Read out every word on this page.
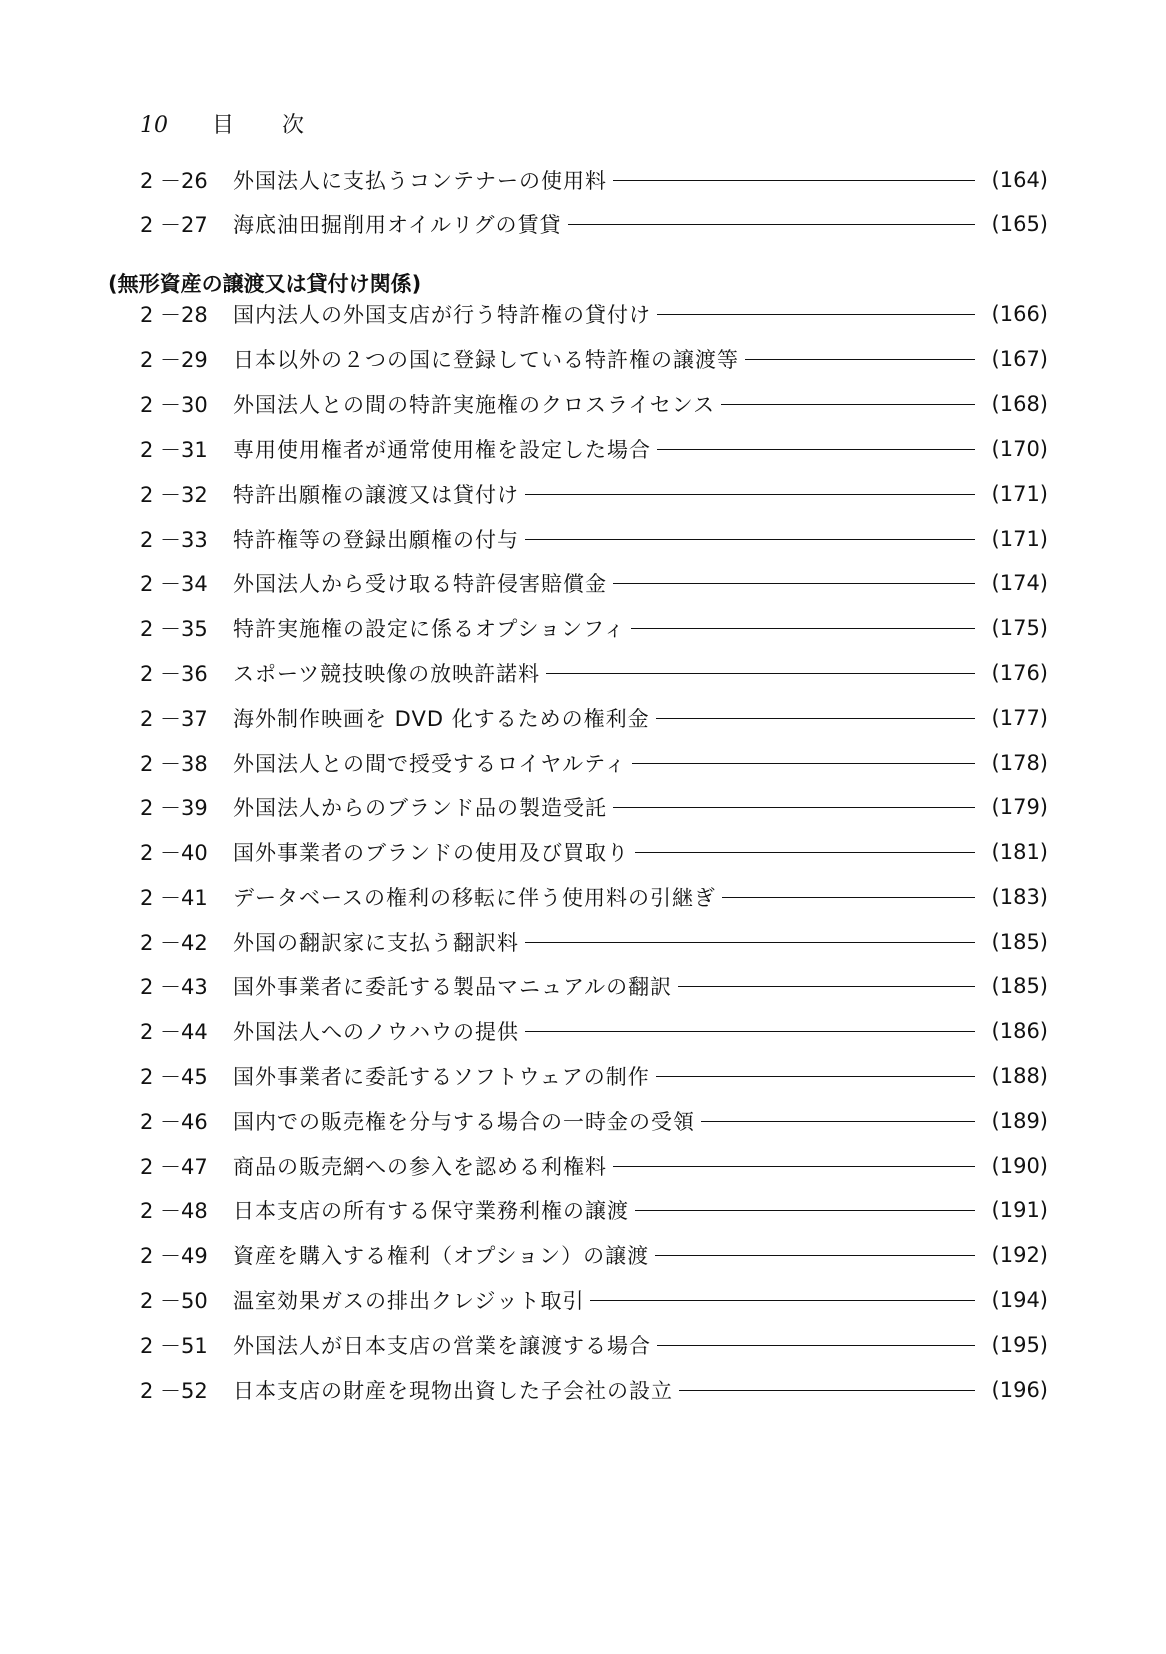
10	目 次
2 －26	外国法人に支払うコンテナーの使用料	(164)
2 －27	海底油田掘削用オイルリグの賃貸	(165)
(無形資産の譲渡又は貸付け関係)
2 －28	国内法人の外国支店が行う特許権の貸付け	(166)
2 －29	日本以外の２つの国に登録している特許権の譲渡等	(167)
2 －30	外国法人との間の特許実施権のクロスライセンス	(168)
2 －31	専用使用権者が通常使用権を設定した場合	(170)
2 －32	特許出願権の譲渡又は貸付け	(171)
2 －33	特許権等の登録出願権の付与	(171)
2 －34	外国法人から受け取る特許侵害賠償金	(174)
2 －35	特許実施権の設定に係るオプションフィ	(175)
2 －36	スポーツ競技映像の放映許諾料	(176)
2 －37	海外制作映画を DVD 化するための権利金	(177)
2 －38	外国法人との間で授受するロイヤルティ	(178)
2 －39	外国法人からのブランド品の製造受託	(179)
2 －40	国外事業者のブランドの使用及び買取り	(181)
2 －41	データベースの権利の移転に伴う使用料の引継ぎ	(183)
2 －42	外国の翻訳家に支払う翻訳料	(185)
2 －43	国外事業者に委託する製品マニュアルの翻訳	(185)
2 －44	外国法人へのノウハウの提供	(186)
2 －45	国外事業者に委託するソフトウェアの制作	(188)
2 －46	国内での販売権を分与する場合の一時金の受領	(189)
2 －47	商品の販売網への参入を認める利権料	(190)
2 －48	日本支店の所有する保守業務利権の譲渡	(191)
2 －49	資産を購入する権利（オプション）の譲渡	(192)
2 －50	温室効果ガスの排出クレジット取引	(194)
2 －51	外国法人が日本支店の営業を譲渡する場合	(195)
2 －52	日本支店の財産を現物出資した子会社の設立	(196)
